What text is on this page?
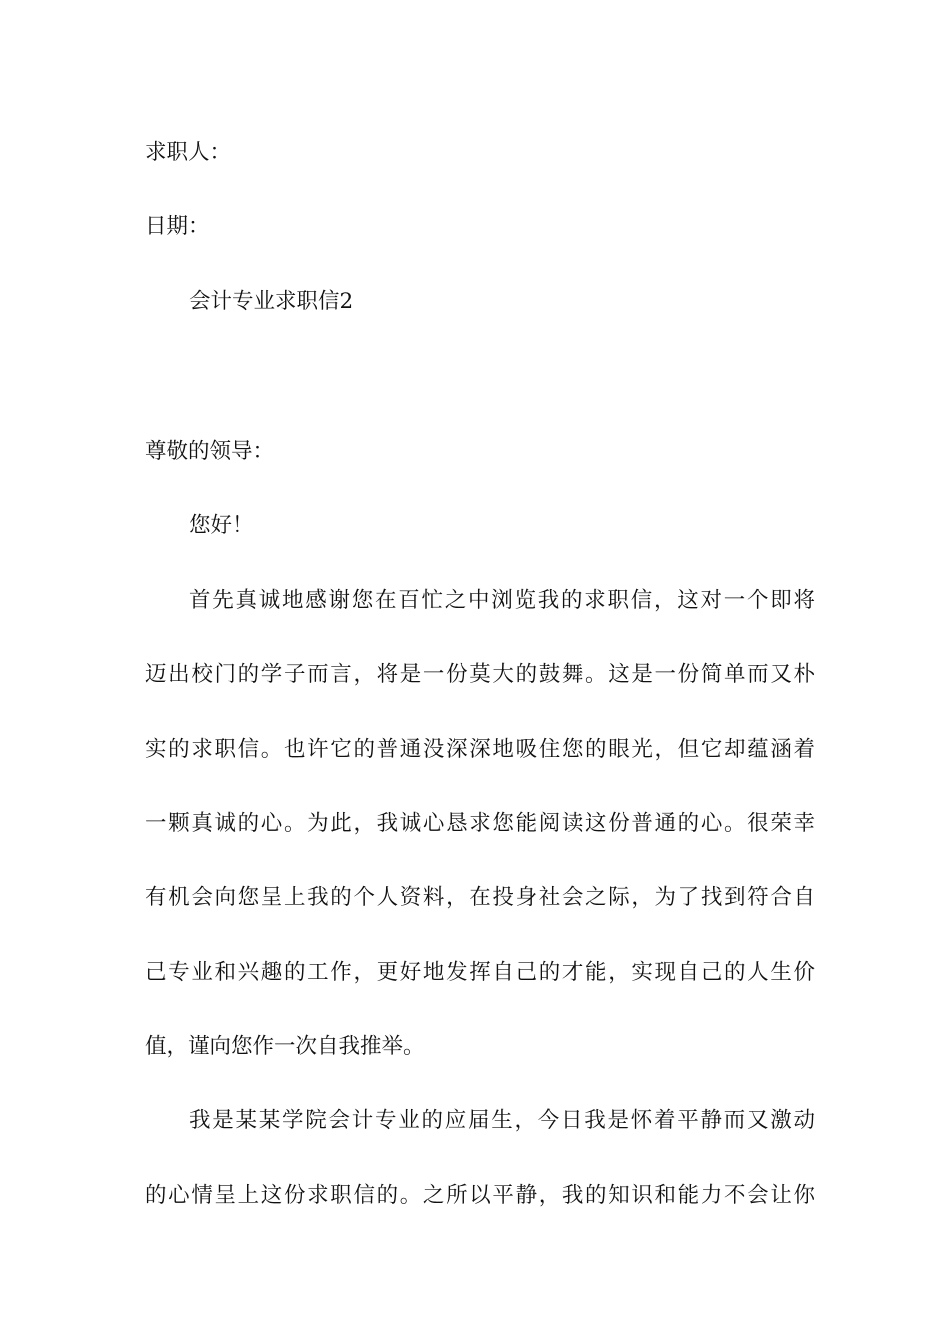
求职人：
日期：
会计专业求职信2
尊敬的领导：
您好！
首先真诚地感谢您在百忙之中浏览我的求职信，这对一个即将
迈出校门的学子而言，将是一份莫大的鼓舞。这是一份简单而又朴
实的求职信。也许它的普通没深深地吸住您的眼光，但它却蕴涵着
一颗真诚的心。为此，我诚心恳求您能阅读这份普通的心。很荣幸
有机会向您呈上我的个人资料，在投身社会之际，为了找到符合自
己专业和兴趣的工作，更好地发挥自己的才能，实现自己的人生价
值，谨向您作一次自我推举。
我是某某学院会计专业的应届生，今日我是怀着平静而又激动
的心情呈上这份求职信的。之所以平静，我的知识和能力不会让你
